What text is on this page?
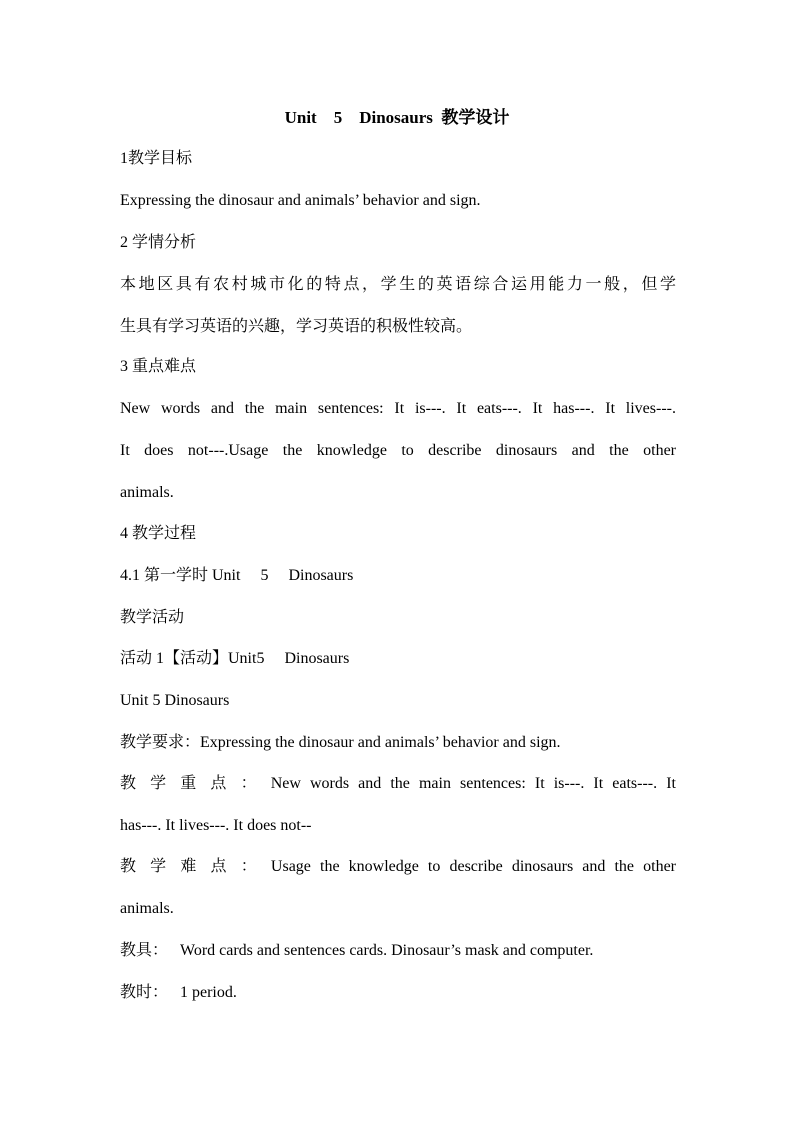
Unit    5    Dinosaurs  教学设计
1教学目标
Expressing the dinosaur and animals’ behavior and sign.
2 学情分析
本地区具有农村城市化的特点，学生的英语综合运用能力一般，但学
生具有学习英语的兴趣，学习英语的积极性较高。
3 重点难点
New words and the main sentences: It is---. It eats---. It has---. It lives---.
It does not---.Usage the knowledge to describe dinosaurs and the other
animals.
4 教学过程
4.1 第一学时 Unit     5     Dinosaurs
教学活动
活动 1【活动】Unit5     Dinosaurs
Unit 5 Dinosaurs
教学要求：Expressing the dinosaur and animals’ behavior and sign.
教 学 重 点 ： New words and the main sentences: It is---. It eats---. It
has---. It lives---. It does not--
教 学 难 点 ： Usage the knowledge to describe dinosaurs and the other
animals.
教具：   Word cards and sentences cards. Dinosaur’s mask and computer.
教时：   1 period.
